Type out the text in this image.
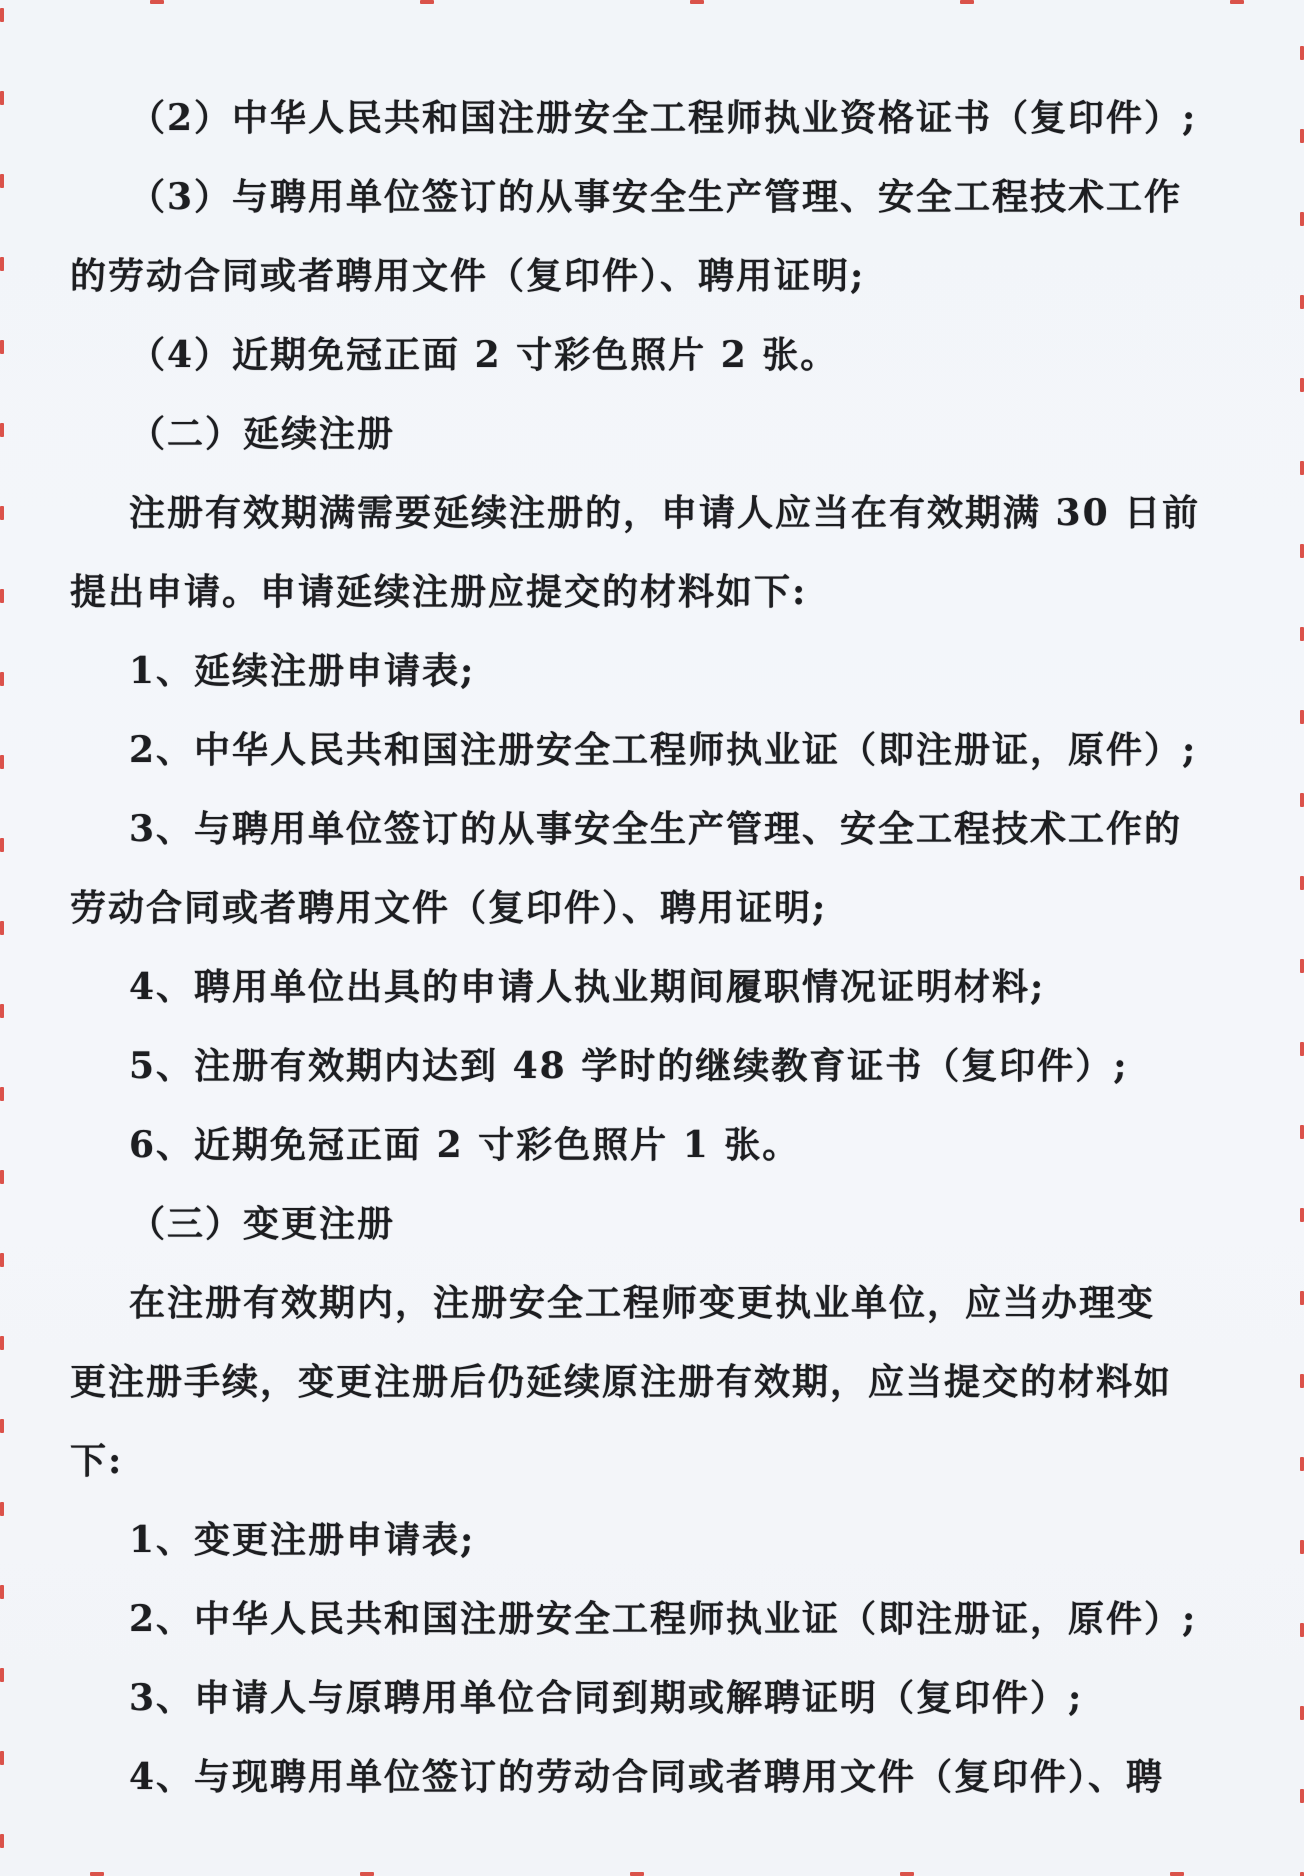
（2）中华人民共和国注册安全工程师执业资格证书（复印件）;
（3）与聘用单位签订的从事安全生产管理、安全工程技术工作
的劳动合同或者聘用文件（复印件）、聘用证明;
（4）近期免冠正面 2 寸彩色照片 2 张。
（二）延续注册
注册有效期满需要延续注册的，申请人应当在有效期满 30 日前
提出申请。申请延续注册应提交的材料如下:
1、延续注册申请表;
2、中华人民共和国注册安全工程师执业证（即注册证，原件）;
3、与聘用单位签订的从事安全生产管理、安全工程技术工作的
劳动合同或者聘用文件（复印件）、聘用证明;
4、聘用单位出具的申请人执业期间履职情况证明材料;
5、注册有效期内达到 48 学时的继续教育证书（复印件）;
6、近期免冠正面 2 寸彩色照片 1 张。
（三）变更注册
在注册有效期内，注册安全工程师变更执业单位，应当办理变
更注册手续，变更注册后仍延续原注册有效期，应当提交的材料如
下:
1、变更注册申请表;
2、中华人民共和国注册安全工程师执业证（即注册证，原件）;
3、申请人与原聘用单位合同到期或解聘证明（复印件）;
4、与现聘用单位签订的劳动合同或者聘用文件（复印件）、聘
